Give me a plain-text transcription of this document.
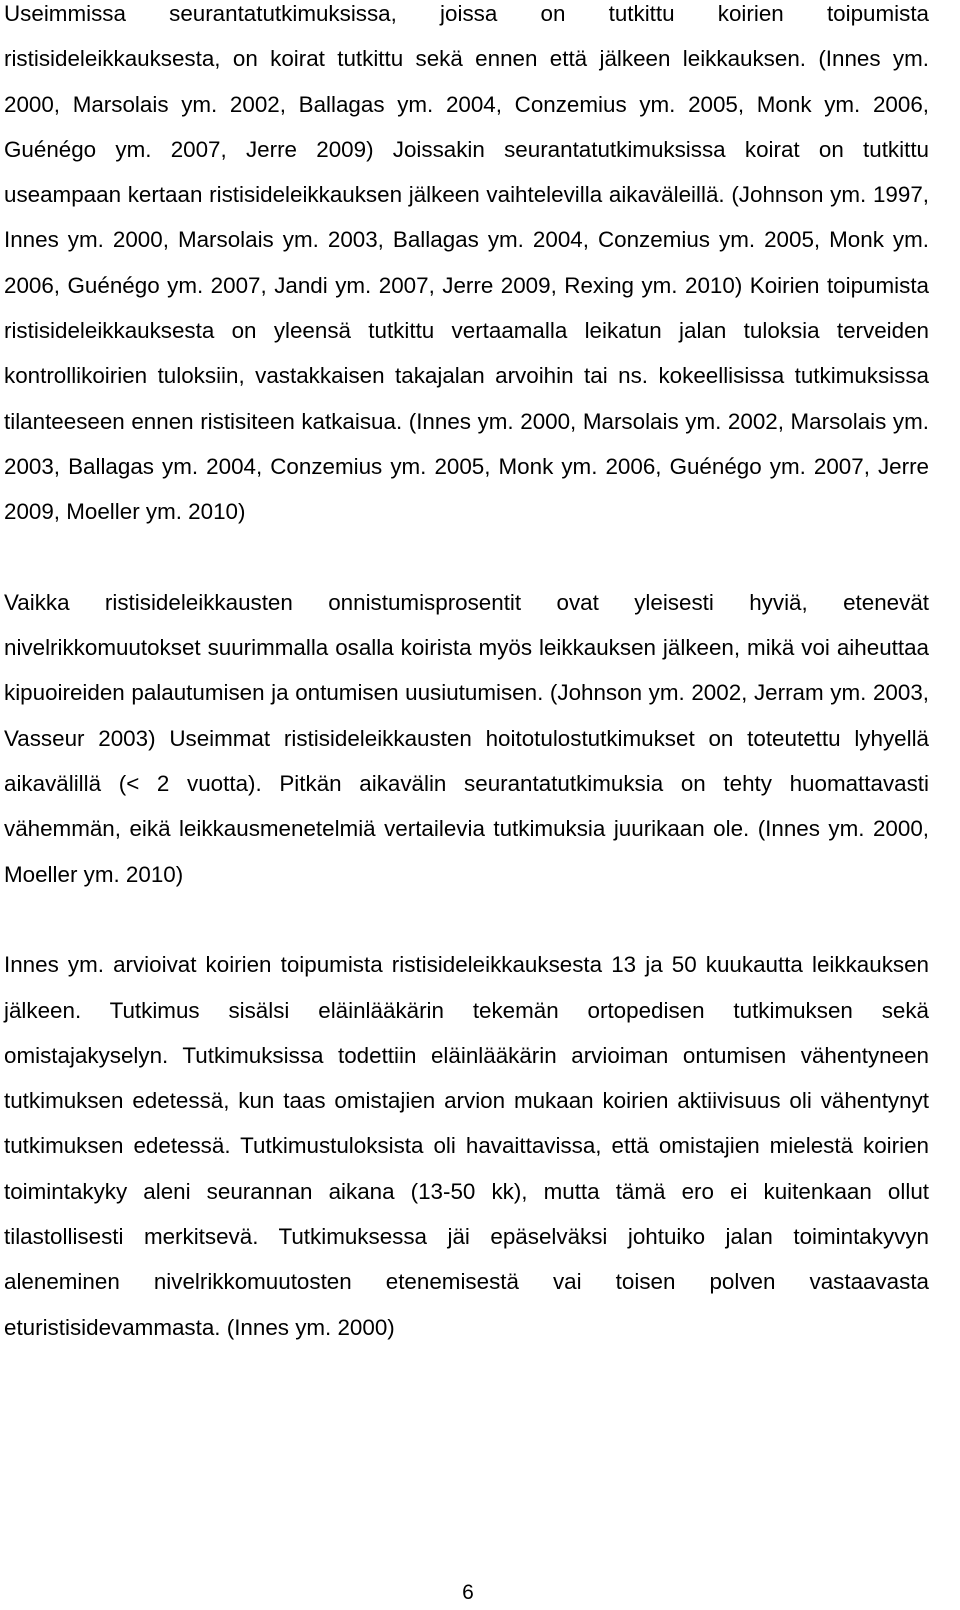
Useimmissa seurantatutkimuksissa, joissa on tutkittu koirien toipumista ristisideleikkauksesta, on koirat tutkittu sekä ennen että jälkeen leikkauksen. (Innes ym. 2000, Marsolais ym. 2002, Ballagas ym. 2004, Conzemius ym. 2005, Monk ym. 2006, Guénégo ym. 2007, Jerre 2009) Joissakin seurantatutkimuksissa koirat on tutkittu useampaan kertaan ristisideleikkauksen jälkeen vaihtelevilla aikaväleillä. (Johnson ym. 1997, Innes ym. 2000, Marsolais ym. 2003, Ballagas ym. 2004, Conzemius ym. 2005, Monk ym. 2006, Guénégo ym. 2007, Jandi ym. 2007, Jerre 2009, Rexing ym. 2010) Koirien toipumista ristisideleikkauksesta on yleensä tutkittu vertaamalla leikatun jalan tuloksia terveiden kontrollikoirien tuloksiin, vastakkaisen takajalan arvoihin tai ns. kokeellisissa tutkimuksissa tilanteeseen ennen ristisiteen katkaisua. (Innes ym. 2000, Marsolais ym. 2002, Marsolais ym. 2003, Ballagas ym. 2004, Conzemius ym. 2005, Monk ym. 2006, Guénégo ym. 2007, Jerre 2009, Moeller ym. 2010)

Vaikka ristisideleikkausten onnistumisprosentit ovat yleisesti hyviä, etenevät nivelrikkomuutokset suurimmalla osalla koirista myös leikkauksen jälkeen, mikä voi aiheuttaa kipuoireiden palautumisen ja ontumisen uusiutumisen. (Johnson ym. 2002, Jerram ym. 2003, Vasseur 2003) Useimmat ristisideleikkausten hoitotulostutkimukset on toteutettu lyhyellä aikavälillä (< 2 vuotta). Pitkän aikavälin seurantatutkimuksia on tehty huomattavasti vähemmän, eikä leikkausmenetelmiä vertailevia tutkimuksia juurikaan ole. (Innes ym. 2000, Moeller ym. 2010)

Innes ym. arvioivat koirien toipumista ristisideleikkauksesta 13 ja 50 kuukautta leikkauksen jälkeen. Tutkimus sisälsi eläinlääkärin tekemän ortopedisen tutkimuksen sekä omistajakyselyn. Tutkimuksissa todettiin eläinlääkärin arvioiman ontumisen vähentyneen tutkimuksen edetessä, kun taas omistajien arvion mukaan koirien aktiivisuus oli vähentynyt tutkimuksen edetessä. Tutkimustuloksista oli havaittavissa, että omistajien mielestä koirien toimintakyky aleni seurannan aikana (13-50 kk), mutta tämä ero ei kuitenkaan ollut tilastollisesti merkitsevä. Tutkimuksessa jäi epäselväksi johtuiko jalan toimintakyvyn aleneminen nivelrikkomuutosten etenemisestä vai toisen polven vastaavasta eturistisidevammasta. (Innes ym. 2000)

6
